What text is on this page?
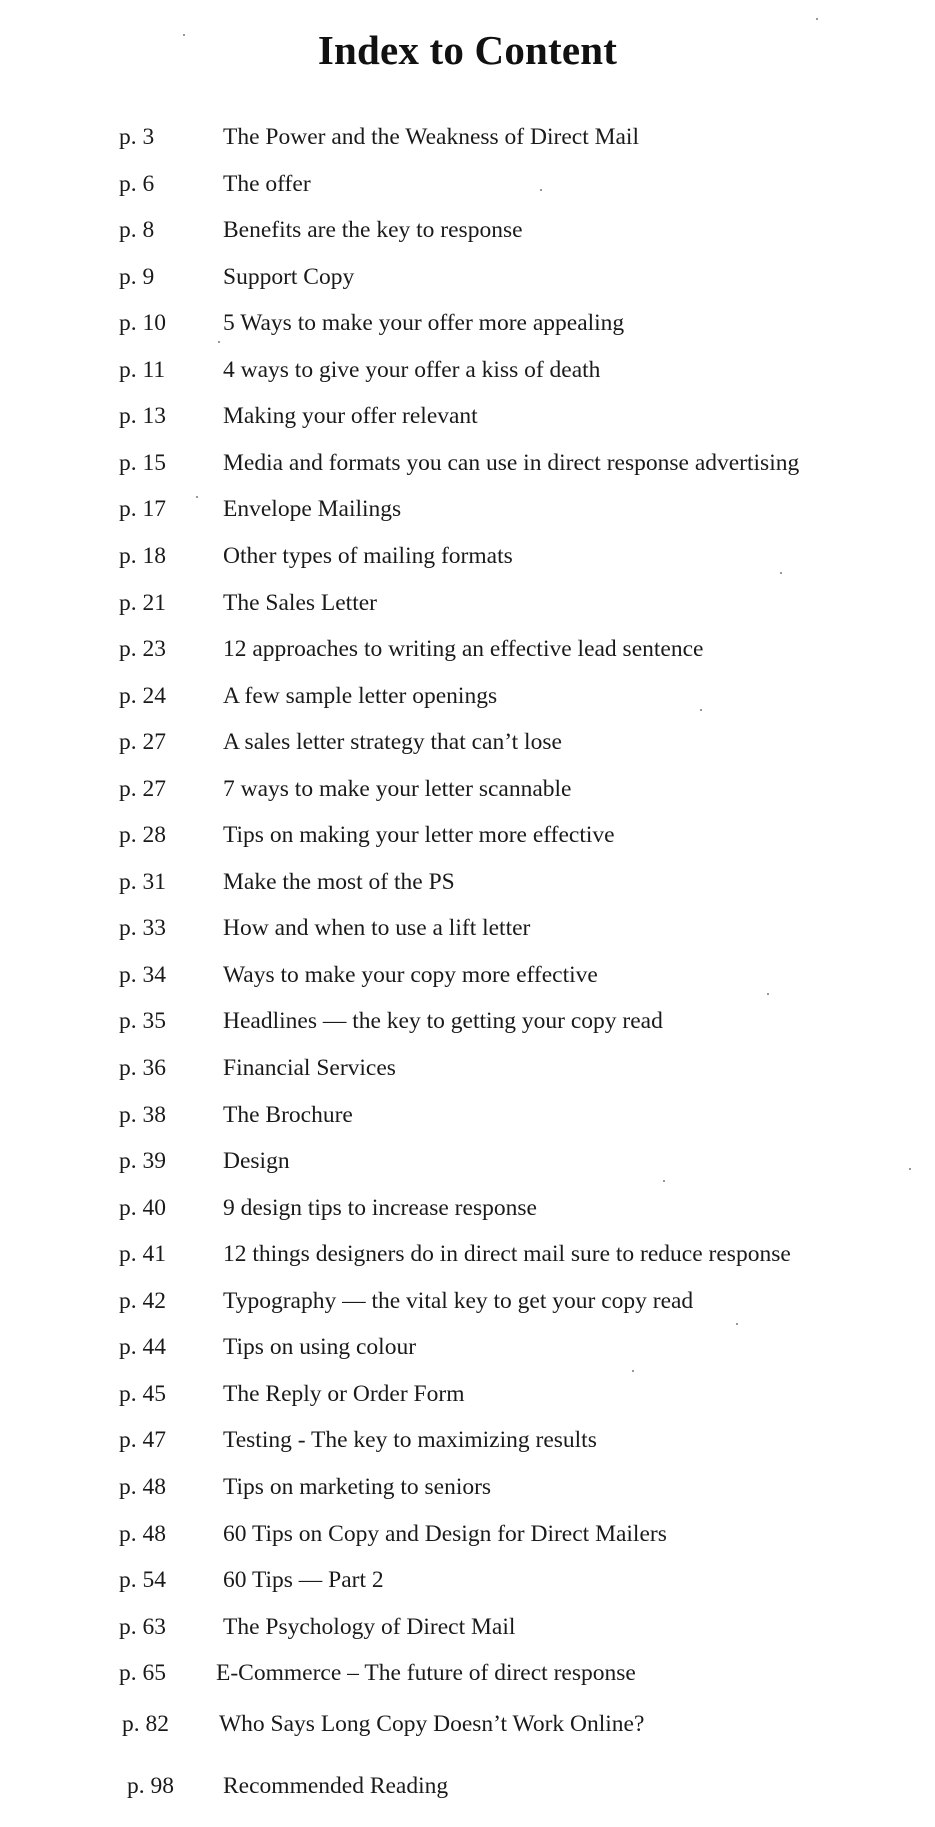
Index to Content
p. 3	The Power and the Weakness of Direct Mail
p. 6	The offer
p. 8	Benefits are the key to response
p. 9	Support Copy
p. 10 5 Ways to make your offer more appealing
p. 11 4 ways to give your offer a kiss of death
p. 13 Making your offer relevant
p. 15 Media and formats you can use in direct response advertising
p. 17 Envelope Mailings
p. 18 Other types of mailing formats
p. 21 The Sales Letter
p. 23 12 approaches to writing an effective lead sentence
p. 24 A few sample letter openings
p. 27 A sales letter strategy that can’t lose
p. 27 7 ways to make your letter scannable
p. 28 Tips on making your letter more effective
p. 31 Make the most of the PS
p. 33 How and when to use a lift letter
p. 34 Ways to make your copy more effective
p. 35 Headlines — the key to getting your copy read
p. 36 Financial Services
p. 38 The Brochure
p. 39 Design
p. 40 9 design tips to increase response
p. 41 12 things designers do in direct mail sure to reduce response
p. 42 Typography — the vital key to get your copy read
p. 44 Tips on using colour
p. 45 The Reply or Order Form
p. 47 Testing - The key to maximizing results
p. 48 Tips on marketing to seniors
p. 48 60 Tips on Copy and Design for Direct Mailers
p. 54 60 Tips — Part 2
p. 63 The Psychology of Direct Mail
p. 65 E-Commerce – The future of direct response
p. 82 Who Says Long Copy Doesn’t Work Online?
p. 98 Recommended Reading
